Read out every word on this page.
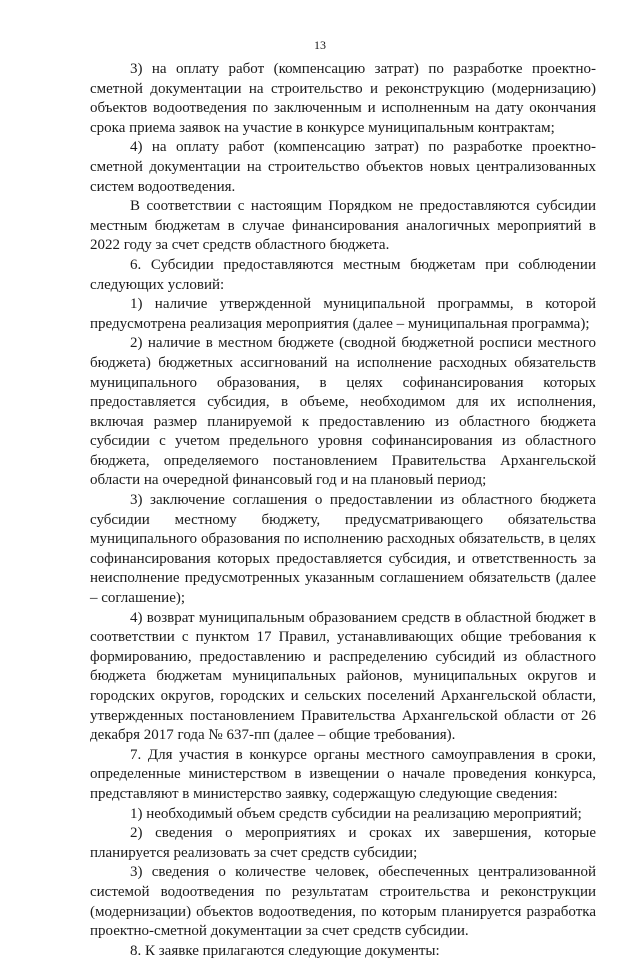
13

3) на оплату работ (компенсацию затрат) по разработке проектно-сметной документации на строительство и реконструкцию (модернизацию) объектов водоотведения по заключенным и исполненным на дату окончания срока приема заявок на участие в конкурсе муниципальным контрактам;

4) на оплату работ (компенсацию затрат) по разработке проектно-сметной документации на строительство объектов новых централизованных систем водоотведения.

В соответствии с настоящим Порядком не предоставляются субсидии местным бюджетам в случае финансирования аналогичных мероприятий в 2022 году за счет средств областного бюджета.

6. Субсидии предоставляются местным бюджетам при соблюдении следующих условий:

1) наличие утвержденной муниципальной программы, в которой предусмотрена реализация мероприятия (далее – муниципальная программа);

2) наличие в местном бюджете (сводной бюджетной росписи местного бюджета) бюджетных ассигнований на исполнение расходных обязательств муниципального образования, в целях софинансирования которых предоставляется субсидия, в объеме, необходимом для их исполнения, включая размер планируемой к предоставлению из областного бюджета субсидии с учетом предельного уровня софинансирования из областного бюджета, определяемого постановлением Правительства Архангельской области на очередной финансовый год и на плановый период;

3) заключение соглашения о предоставлении из областного бюджета субсидии местному бюджету, предусматривающего обязательства муниципального образования по исполнению расходных обязательств, в целях софинансирования которых предоставляется субсидия, и ответственность за неисполнение предусмотренных указанным соглашением обязательств (далее – соглашение);

4) возврат муниципальным образованием средств в областной бюджет в соответствии с пунктом 17 Правил, устанавливающих общие требования к формированию, предоставлению и распределению субсидий из областного бюджета бюджетам муниципальных районов, муниципальных округов и городских округов, городских и сельских поселений Архангельской области, утвержденных постановлением Правительства Архангельской области от 26 декабря 2017 года № 637-пп (далее – общие требования).

7. Для участия в конкурсе органы местного самоуправления в сроки, определенные министерством в извещении о начале проведения конкурса, представляют в министерство заявку, содержащую следующие сведения:

1) необходимый объем средств субсидии на реализацию мероприятий;

2) сведения о мероприятиях и сроках их завершения, которые планируется реализовать за счет средств субсидии;

3) сведения о количестве человек, обеспеченных централизованной системой водоотведения по результатам строительства и реконструкции (модернизации) объектов водоотведения, по которым планируется разработка проектно-сметной документации за счет средств субсидии.

8. К заявке прилагаются следующие документы:
